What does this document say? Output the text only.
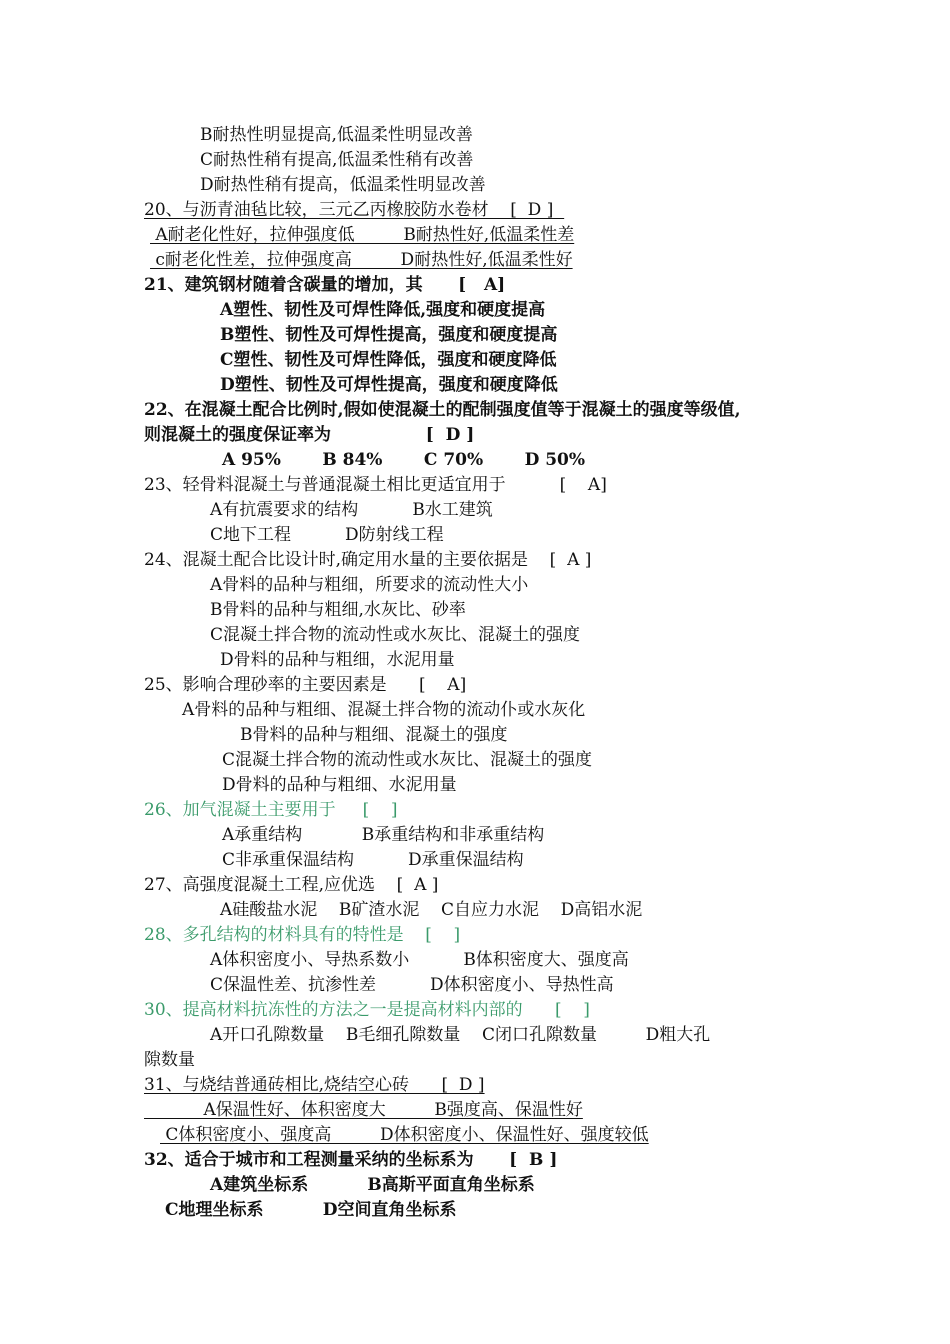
B耐热性明显提高,低温柔性明显改善
C耐热性稍有提高,低温柔性稍有改善
D耐热性稍有提高，低温柔性明显改善
20、与沥青油毡比较，三元乙丙橡胶防水卷材    [  D ]
A耐老化性好，拉伸强度低         B耐热性好,低温柔性差
c耐老化性差，拉伸强度高         D耐热性好,低温柔性好
21、建筑钢材随着含碳量的增加，其      [   A]
A塑性、韧性及可焊性降低,强度和硬度提高
B塑性、韧性及可焊性提高，强度和硬度提高
C塑性、韧性及可焊性降低，强度和硬度降低
D塑性、韧性及可焊性提高，强度和硬度降低
22、在混凝土配合比例时,假如使混凝土的配制强度值等于混凝土的强度等级值,
则混凝土的强度保证率为                [  D ]
A 95%       B 84%       C 70%       D 50%
23、轻骨料混凝土与普通混凝土相比更适宜用于          [    A]
A有抗震要求的结构          B水工建筑
C地下工程          D防射线工程
24、混凝土配合比设计时,确定用水量的主要依据是    [  A ]
A骨料的品种与粗细，所要求的流动性大小
B骨料的品种与粗细,水灰比、砂率
C混凝土拌合物的流动性或水灰比、混凝土的强度
D骨料的品种与粗细，水泥用量
25、影响合理砂率的主要因素是      [    A]
A骨料的品种与粗细、混凝土拌合物的流动仆或水灰化
B骨料的品种与粗细、混凝土的强度
C混凝土拌合物的流动性或水灰比、混凝土的强度
D骨料的品种与粗细、水泥用量
26、加气混凝土主要用于     [    ]
A承重结构           B承重结构和非承重结构
C非承重保温结构          D承重保温结构
27、高强度混凝土工程,应优选    [  A ]
A硅酸盐水泥    B矿渣水泥    C自应力水泥    D高铝水泥
28、多孔结构的材料具有的特性是    [    ]
A体积密度小、导热系数小          B体积密度大、强度高
C保温性差、抗渗性差          D体积密度小、导热性高
30、提高材料抗冻性的方法之一是提高材料内部的      [    ]
A开口孔隙数量    B毛细孔隙数量    C闭口孔隙数量         D粗大孔
隙数量
31、与烧结普通砖相比,烧结空心砖      [  D ]
A保温性好、体积密度大         B强度高、保温性好
C体积密度小、强度高         D体积密度小、保温性好、强度较低
32、适合于城市和工程测量采纳的坐标系为      [  B ]
A建筑坐标系          B高斯平面直角坐标系
C地理坐标系          D空间直角坐标系
